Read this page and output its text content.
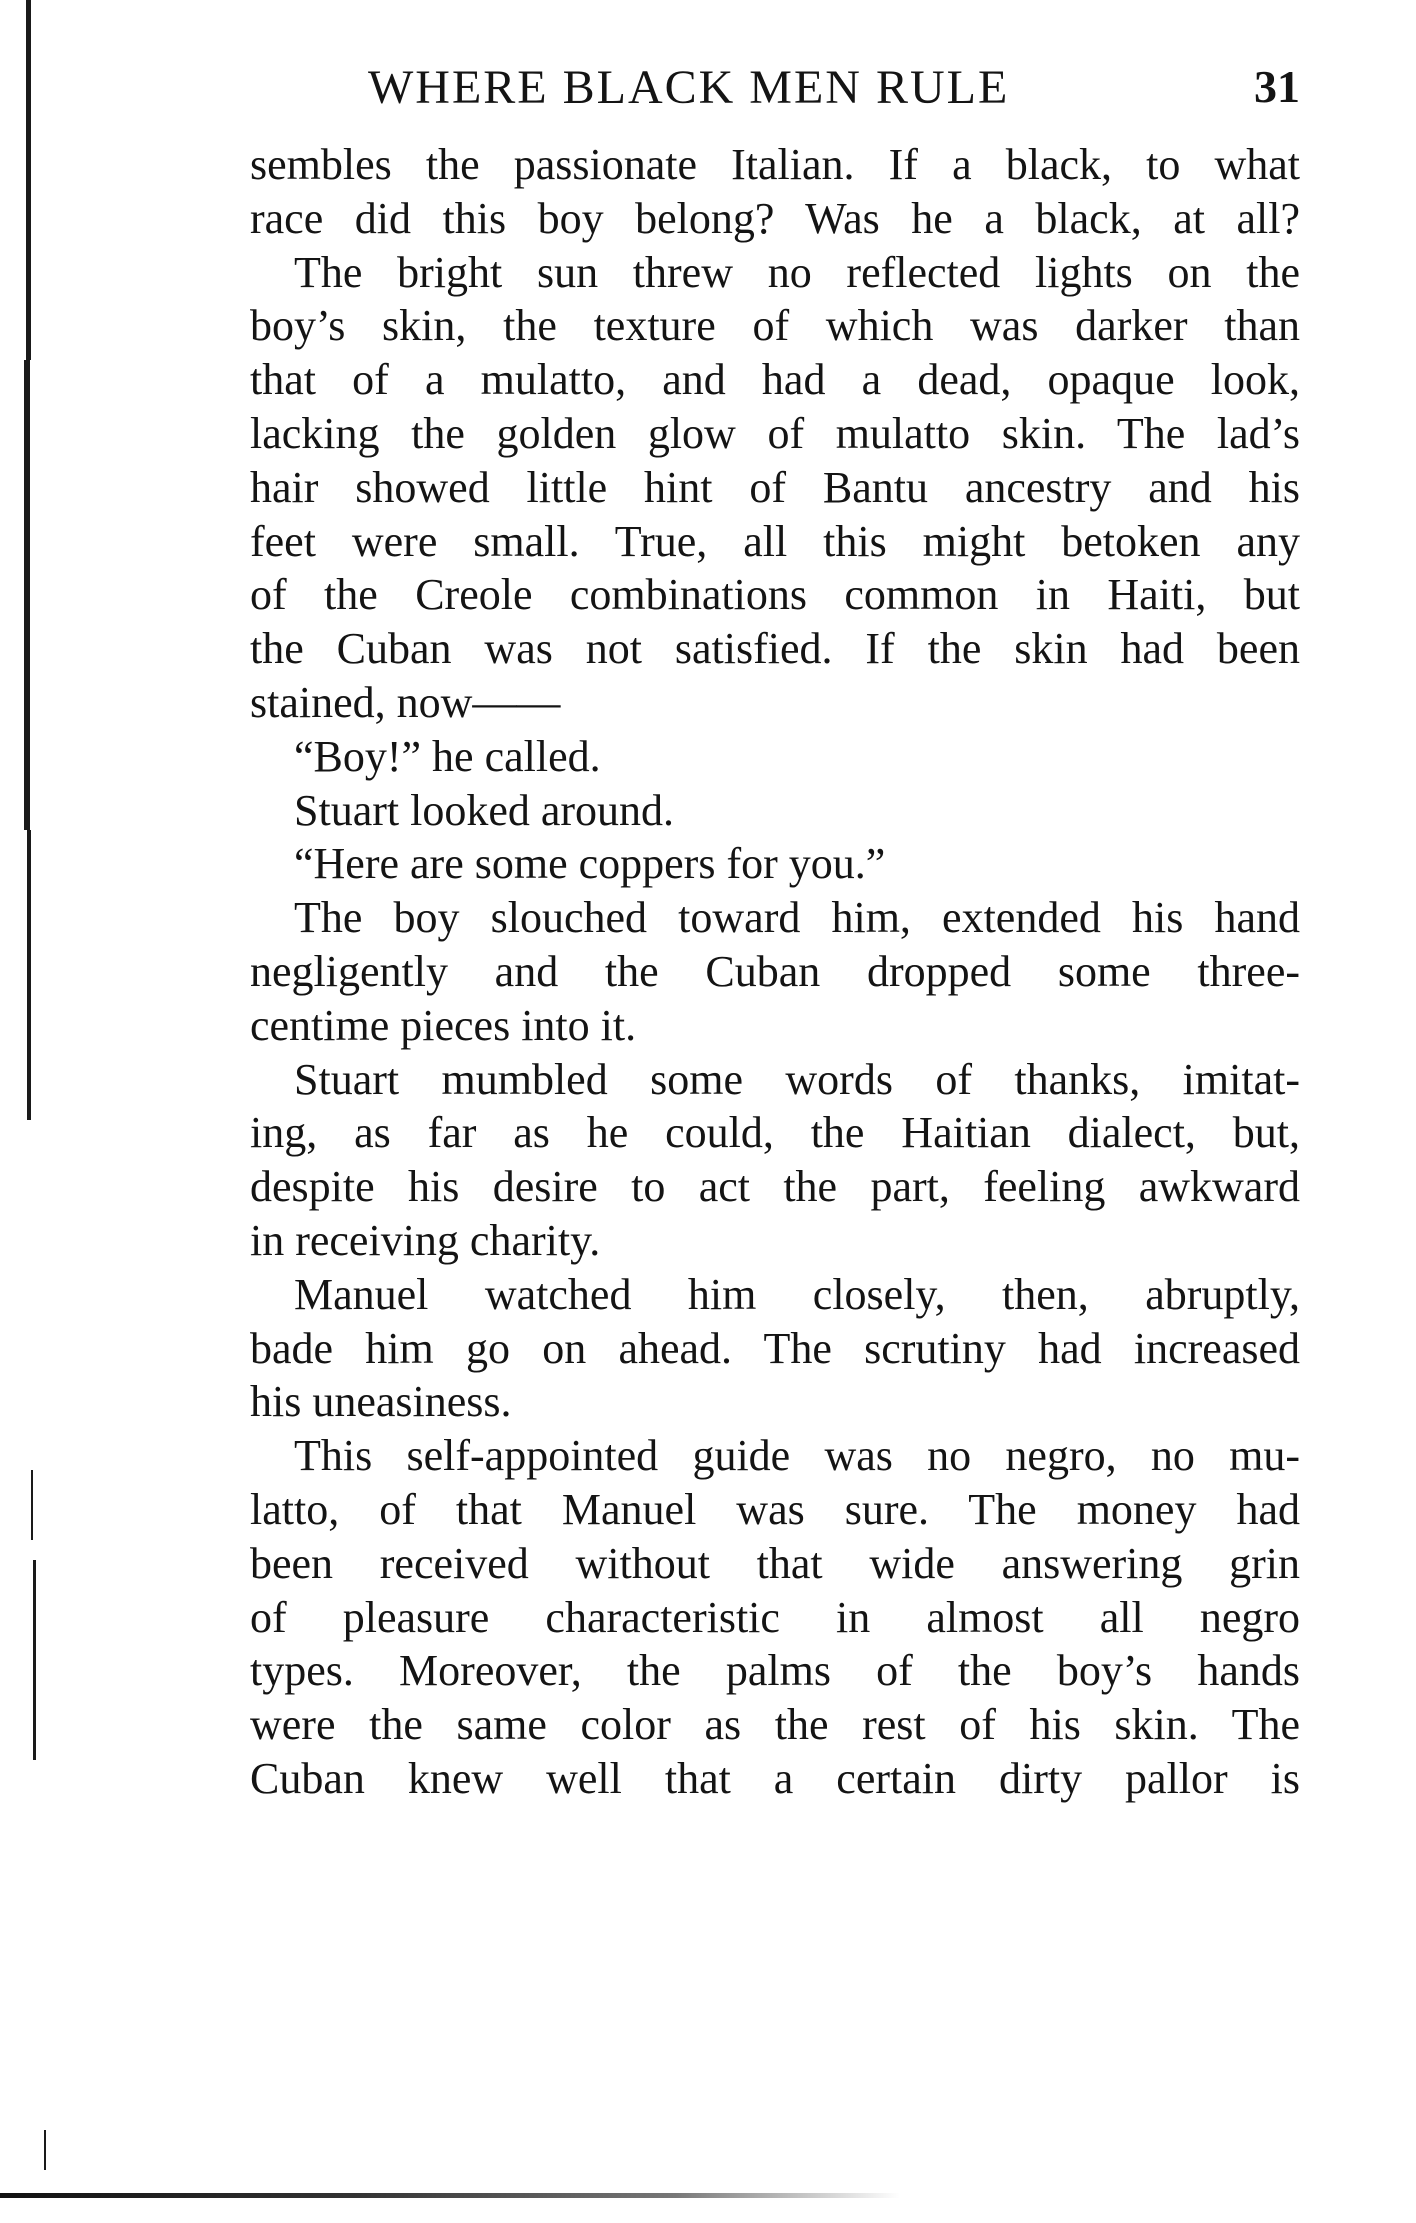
WHERE BLACK MEN RULE	31
sembles the passionate Italian. If a black, to what
race did this boy belong? Was he a black, at all?
The bright sun threw no reflected lights on the
boy’s skin, the texture of which was darker than
that of a mulatto, and had a dead, opaque look,
lacking the golden glow of mulatto skin. The lad’s
hair showed little hint of Bantu ancestry and his
feet were small. True, all this might betoken any
of the Creole combinations common in Haiti, but
the Cuban was not satisfied. If the skin had been
stained, now——
“Boy!” he called.
Stuart looked around.
“Here are some coppers for you.”
The boy slouched toward him, extended his hand
negligently and the Cuban dropped some three-
centime pieces into it.
Stuart mumbled some words of thanks, imitat-
ing, as far as he could, the Haitian dialect, but,
despite his desire to act the part, feeling awkward
in receiving charity.
Manuel watched him closely, then, abruptly,
bade him go on ahead. The scrutiny had increased
his uneasiness.
This self-appointed guide was no negro, no mu-
latto, of that Manuel was sure. The money had
been received without that wide answering grin
of pleasure characteristic in almost all negro
types. Moreover, the palms of the boy’s hands
were the same color as the rest of his skin. The
Cuban knew well that a certain dirty pallor is
